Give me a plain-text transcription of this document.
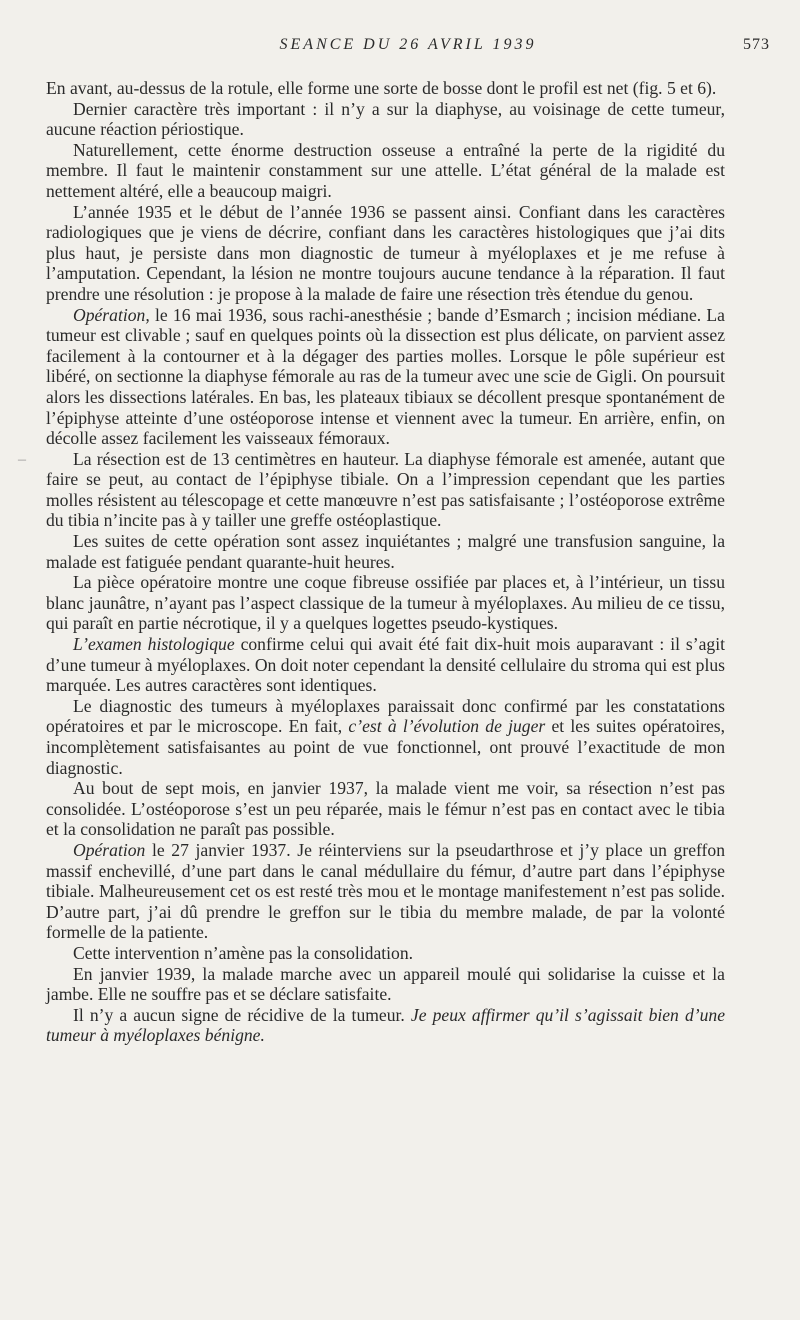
SEANCE DU 26 AVRIL 1939	573
–

En avant, au-dessus de la rotule, elle forme une sorte de bosse dont le profil est net (fig. 5 et 6).

Dernier caractère très important : il n’y a sur la diaphyse, au voisinage de cette tumeur, aucune réaction périostique.

Naturellement, cette énorme destruction osseuse a entraîné la perte de la rigidité du membre. Il faut le maintenir constamment sur une attelle. L’état général de la malade est nettement altéré, elle a beaucoup maigri.

L’année 1935 et le début de l’année 1936 se passent ainsi. Confiant dans les caractères radiologiques que je viens de décrire, confiant dans les caractères histologiques que j’ai dits plus haut, je persiste dans mon diagnostic de tumeur à myéloplaxes et je me refuse à l’amputation. Cependant, la lésion ne montre toujours aucune tendance à la réparation. Il faut prendre une résolution : je propose à la malade de faire une résection très étendue du genou.

Opération, le 16 mai 1936, sous rachi-anesthésie ; bande d’Esmarch ; incision médiane. La tumeur est clivable ; sauf en quelques points où la dissection est plus délicate, on parvient assez facilement à la contourner et à la dégager des parties molles. Lorsque le pôle supérieur est libéré, on sectionne la diaphyse fémorale au ras de la tumeur avec une scie de Gigli. On poursuit alors les dissections latérales. En bas, les plateaux tibiaux se décollent presque spontanément de l’épiphyse atteinte d’une ostéoporose intense et viennent avec la tumeur. En arrière, enfin, on décolle assez facilement les vaisseaux fémoraux.

La résection est de 13 centimètres en hauteur. La diaphyse fémorale est amenée, autant que faire se peut, au contact de l’épiphyse tibiale. On a l’impression cependant que les parties molles résistent au télescopage et cette manœuvre n’est pas satisfaisante ; l’ostéoporose extrême du tibia n’incite pas à y tailler une greffe ostéoplastique.

Les suites de cette opération sont assez inquiétantes ; malgré une transfusion sanguine, la malade est fatiguée pendant quarante-huit heures.

La pièce opératoire montre une coque fibreuse ossifiée par places et, à l’intérieur, un tissu blanc jaunâtre, n’ayant pas l’aspect classique de la tumeur à myéloplaxes. Au milieu de ce tissu, qui paraît en partie nécrotique, il y a quelques logettes pseudo-kystiques.

L’examen histologique confirme celui qui avait été fait dix-huit mois auparavant : il s’agit d’une tumeur à myéloplaxes. On doit noter cependant la densité cellulaire du stroma qui est plus marquée. Les autres caractères sont identiques.

Le diagnostic des tumeurs à myéloplaxes paraissait donc confirmé par les constatations opératoires et par le microscope. En fait, c’est à l’évolution de juger et les suites opératoires, incomplètement satisfaisantes au point de vue fonctionnel, ont prouvé l’exactitude de mon diagnostic.

Au bout de sept mois, en janvier 1937, la malade vient me voir, sa résection n’est pas consolidée. L’ostéoporose s’est un peu réparée, mais le fémur n’est pas en contact avec le tibia et la consolidation ne paraît pas possible.

Opération le 27 janvier 1937. Je réinterviens sur la pseudarthrose et j’y place un greffon massif enchevillé, d’une part dans le canal médullaire du fémur, d’autre part dans l’épiphyse tibiale. Malheureusement cet os est resté très mou et le montage manifestement n’est pas solide. D’autre part, j’ai dû prendre le greffon sur le tibia du membre malade, de par la volonté formelle de la patiente.

Cette intervention n’amène pas la consolidation.

En janvier 1939, la malade marche avec un appareil moulé qui solidarise la cuisse et la jambe. Elle ne souffre pas et se déclare satisfaite.

Il n’y a aucun signe de récidive de la tumeur. Je peux affirmer qu’il s’agissait bien d’une tumeur à myéloplaxes bénigne.
